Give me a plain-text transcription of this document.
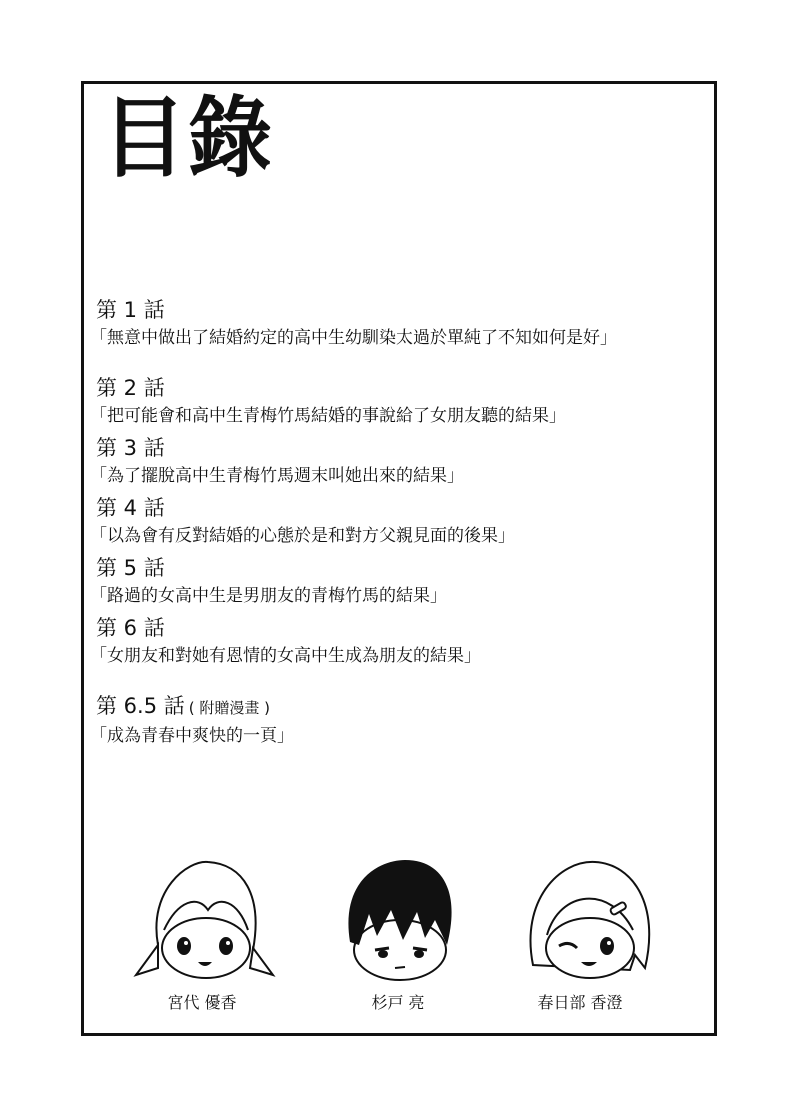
目錄
第 1 話
「無意中做出了結婚約定的高中生幼馴染太過於單純了不知如何是好」
第 2 話
「把可能會和高中生青梅竹馬結婚的事說給了女朋友聽的結果」
第 3 話
「為了擺脫高中生青梅竹馬週末叫她出來的結果」
第 4 話
「以為會有反對結婚的心態於是和對方父親見面的後果」
第 5 話
「路過的女高中生是男朋友的青梅竹馬的結果」
第 6 話
「女朋友和對她有恩情的女高中生成為朋友的結果」
第 6.5 話 ( 附贈漫畫 )
「成為青春中爽快的一頁」
宮代 優香	杉戸 亮	春日部 香澄
